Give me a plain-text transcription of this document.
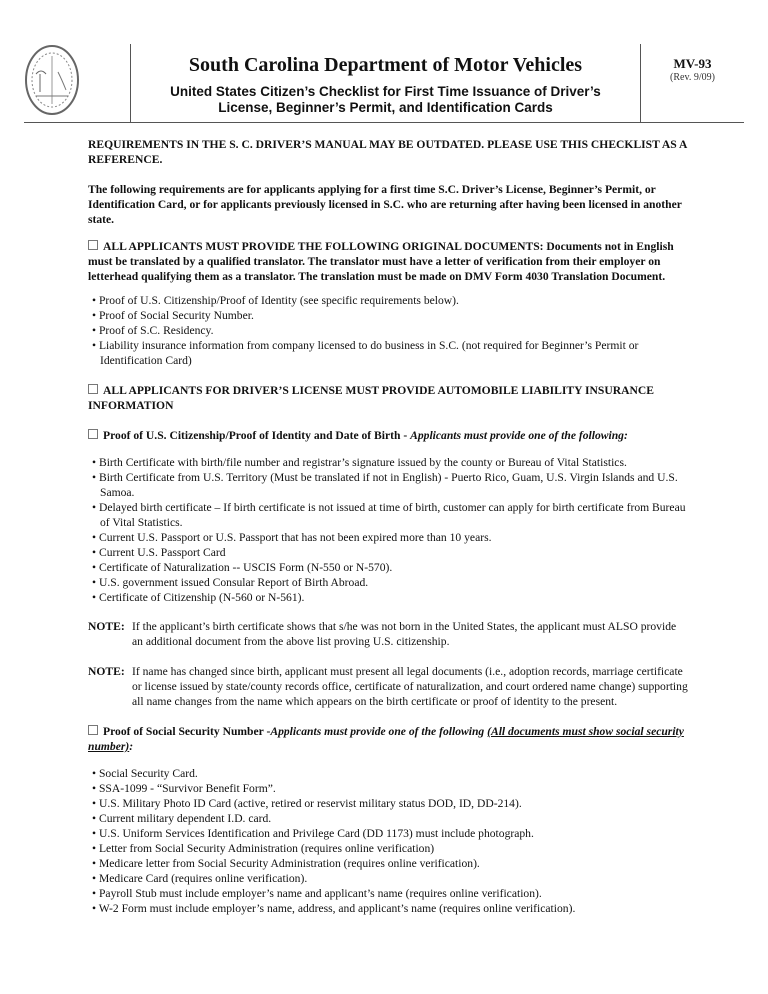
South Carolina Department of Motor Vehicles
United States Citizen’s Checklist for First Time Issuance of Driver’s
License, Beginner’s Permit, and Identification Cards
MV-93
(Rev. 9/09)

REQUIREMENTS IN THE S. C. DRIVER’S MANUAL MAY BE OUTDATED. PLEASE USE THIS CHECKLIST AS A REFERENCE.

The following requirements are for applicants applying for a first time S.C. Driver’s License, Beginner’s Permit, or Identification Card, or for applicants previously licensed in S.C. who are returning after having been licensed in another state.

ALL APPLICANTS MUST PROVIDE THE FOLLOWING ORIGINAL DOCUMENTS: Documents not in English must be translated by a qualified translator. The translator must have a letter of verification from their employer on letterhead qualifying them as a translator. The translation must be made on DMV Form 4030 Translation Document.

• Proof of U.S. Citizenship/Proof of Identity (see specific requirements below).
• Proof of Social Security Number.
• Proof of S.C. Residency.
• Liability insurance information from company licensed to do business in S.C. (not required for Beginner’s Permit or Identification Card)

ALL APPLICANTS FOR DRIVER’S LICENSE MUST PROVIDE AUTOMOBILE LIABILITY INSURANCE INFORMATION

Proof of U.S. Citizenship/Proof of Identity and Date of Birth - Applicants must provide one of the following:

• Birth Certificate with birth/file number and registrar’s signature issued by the county or Bureau of Vital Statistics.
• Birth Certificate from U.S. Territory (Must be translated if not in English) - Puerto Rico, Guam, U.S. Virgin Islands and U.S. Samoa.
• Delayed birth certificate – If birth certificate is not issued at time of birth, customer can apply for birth certificate from Bureau of Vital Statistics.
• Current U.S. Passport or U.S. Passport that has not been expired more than 10 years.
• Current U.S. Passport Card
• Certificate of Naturalization -- USCIS Form (N-550 or N-570).
• U.S. government issued Consular Report of Birth Abroad.
• Certificate of Citizenship (N-560 or N-561).
NOTE: If the applicant’s birth certificate shows that s/he was not born in the United States, the applicant must ALSO provide an additional document from the above list proving U.S. citizenship.
NOTE: If name has changed since birth, applicant must present all legal documents (i.e., adoption records, marriage certificate or license issued by state/county records office, certificate of naturalization, and court ordered name change) supporting all name changes from the name which appears on the birth certificate or proof of identity to the present.

Proof of Social Security Number -Applicants must provide one of the following (All documents must show social security number):

• Social Security Card.
• SSA-1099 - “Survivor Benefit Form”.
• U.S. Military Photo ID Card (active, retired or reservist military status DOD, ID, DD-214).
• Current military dependent I.D. card.
• U.S. Uniform Services Identification and Privilege Card (DD 1173) must include photograph.
• Letter from Social Security Administration (requires online verification)
• Medicare letter from Social Security Administration (requires online verification).
• Medicare Card (requires online verification).
• Payroll Stub must include employer’s name and applicant’s name (requires online verification).
• W-2 Form must include employer’s name, address, and applicant’s name (requires online verification).
